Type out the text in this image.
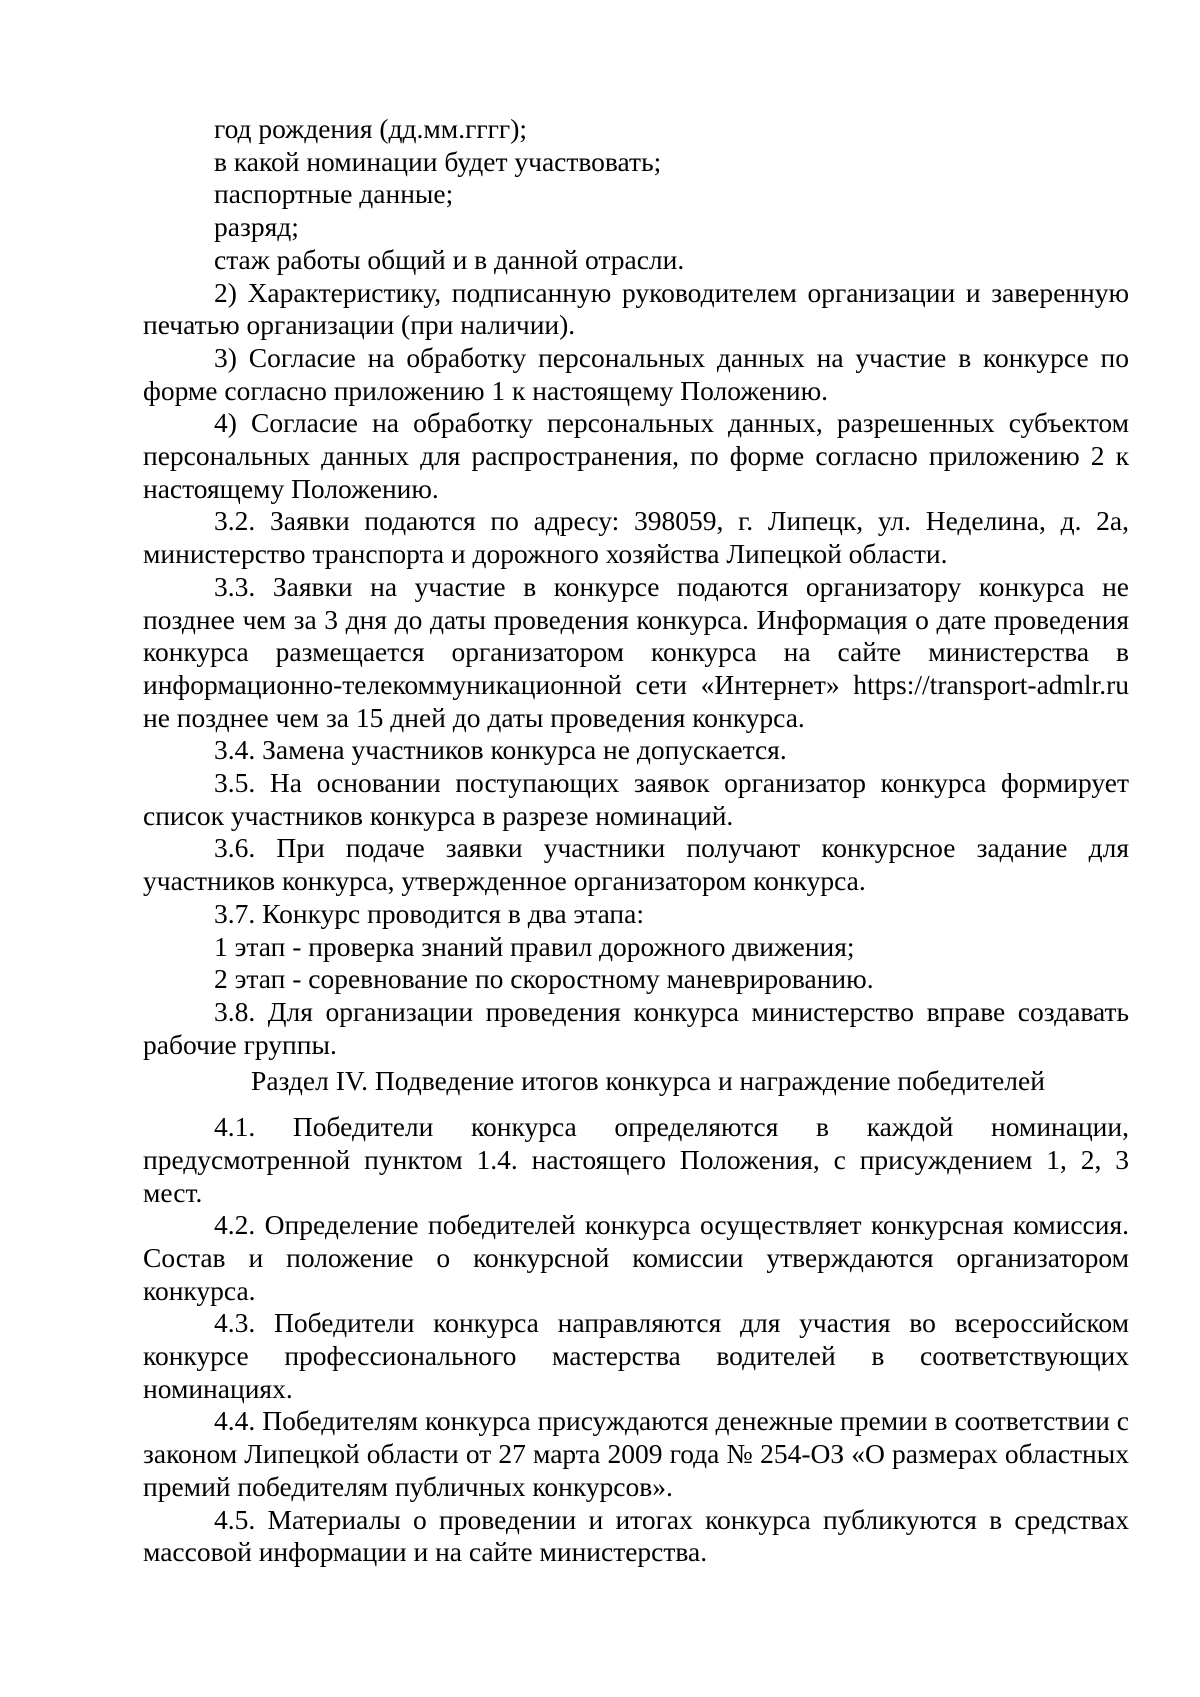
год рождения (дд.мм.гггг);

в какой номинации будет участвовать;

паспортные данные;

разряд;

стаж работы общий и в данной отрасли.

2) Характеристику, подписанную руководителем организации и заверенную печатью организации (при наличии).

3) Согласие на обработку персональных данных на участие в конкурсе по форме согласно приложению 1 к настоящему Положению.

4) Согласие на обработку персональных данных, разрешенных субъектом персональных данных для распространения, по форме согласно приложению 2 к настоящему Положению.

3.2. Заявки подаются по адресу: 398059, г. Липецк, ул. Неделина, д. 2а, министерство транспорта и дорожного хозяйства Липецкой области.

3.3. Заявки на участие в конкурсе подаются организатору конкурса не позднее чем за 3 дня до даты проведения конкурса. Информация о дате проведения конкурса размещается организатором конкурса на сайте министерства в информационно-телекоммуникационной сети «Интернет» https://transport-admlr.ru не позднее чем за 15 дней до даты проведения конкурса.

3.4. Замена участников конкурса не допускается.

3.5. На основании поступающих заявок организатор конкурса формирует список участников конкурса в разрезе номинаций.

3.6. При подаче заявки участники получают конкурсное задание для участников конкурса, утвержденное организатором конкурса.

3.7. Конкурс проводится в два этапа:

1 этап - проверка знаний правил дорожного движения;

2 этап - соревнование по скоростному маневрированию.

3.8. Для организации проведения конкурса министерство вправе создавать рабочие группы.

Раздел IV. Подведение итогов конкурса и награждение победителей

4.1. Победители конкурса определяются в каждой номинации, предусмотренной пунктом 1.4. настоящего Положения, с присуждением 1, 2, 3 мест.

4.2. Определение победителей конкурса осуществляет конкурсная комиссия. Состав и положение о конкурсной комиссии утверждаются организатором конкурса.

4.3. Победители конкурса направляются для участия во всероссийском конкурсе профессионального мастерства водителей в соответствующих номинациях.

4.4. Победителям конкурса присуждаются денежные премии в соответствии с законом Липецкой области от 27 марта 2009 года № 254-ОЗ «О размерах областных премий победителям публичных конкурсов».

4.5. Материалы о проведении и итогах конкурса публикуются в средствах массовой информации и на сайте министерства.
